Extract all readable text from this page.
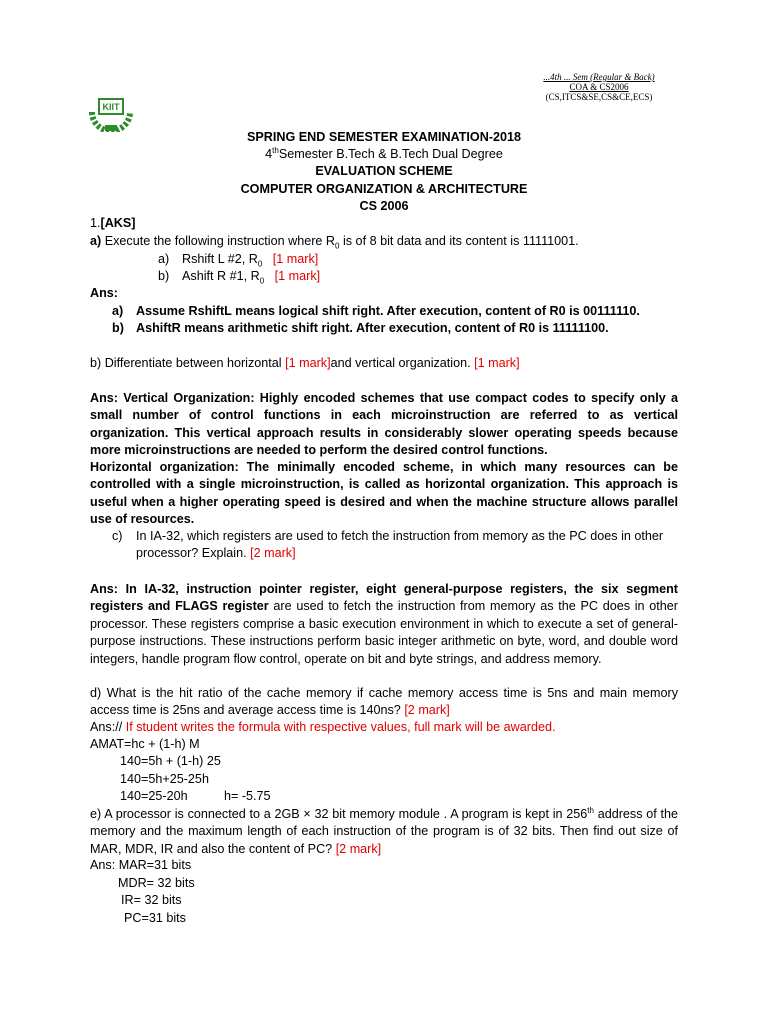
...4th ... Sem (Regular & Back)
COA & CS2006
(CS,ITCS&SE,CS&CE,ECS)
KIIT
SPRING END SEMESTER EXAMINATION-2018
4thSemester B.Tech & B.Tech Dual Degree
EVALUATION SCHEME
COMPUTER ORGANIZATION & ARCHITECTURE
CS 2006
1.[AKS]
a) Execute the following instruction where $R_0$ is of 8 bit data and its content is 11111001.
a) Rshift L #2, $R_0$ [1 mark]
b) Ashift R #1, $R_0$ [1 mark]
Ans:
a) Assume RshiftL means logical shift right. After execution, content of R0 is 00111110.
b) AshiftR means arithmetic shift right. After execution, content of R0 is 11111100.
b) Differentiate between horizontal [1 mark]and vertical organization. [1 mark]
Ans: Vertical Organization: Highly encoded schemes that use compact codes to specify only a small number of control functions in each microinstruction are referred to as vertical organization. This vertical approach results in considerably slower operating speeds because more microinstructions are needed to perform the desired control functions.
Horizontal organization: The minimally encoded scheme, in which many resources can be controlled with a single microinstruction, is called as horizontal organization. This approach is useful when a higher operating speed is desired and when the machine structure allows parallel use of resources.
c) In IA-32, which registers are used to fetch the instruction from memory as the PC does in other
processor? Explain. [2 mark]
Ans: In IA-32, instruction pointer register, eight general-purpose registers, the six segment registers and FLAGS register are used to fetch the instruction from memory as the PC does in other processor. These registers comprise a basic execution environment in which to execute a set of general-purpose instructions. These instructions perform basic integer arithmetic on byte, word, and double word integers, handle program flow control, operate on bit and byte strings, and address memory.
d) What is the hit ratio of the cache memory if cache memory access time is 5ns and main memory access time is 25ns and average access time is 140ns? [2 mark]
Ans:// If student writes the formula with respective values, full mark will be awarded.
AMAT=hc + (1-h) M
140=5h + (1-h) 25
140=5h+25-25h
140=25-20h	h= -5.75
e) A processor is connected to a 2GB × 32 bit memory module . A program is kept in 256th address of the memory and the maximum length of each instruction of the program is of 32 bits. Then find out size of MAR, MDR, IR and also the content of PC? [2 mark]
Ans: MAR=31 bits
MDR= 32 bits
IR= 32 bits
PC=31 bits
